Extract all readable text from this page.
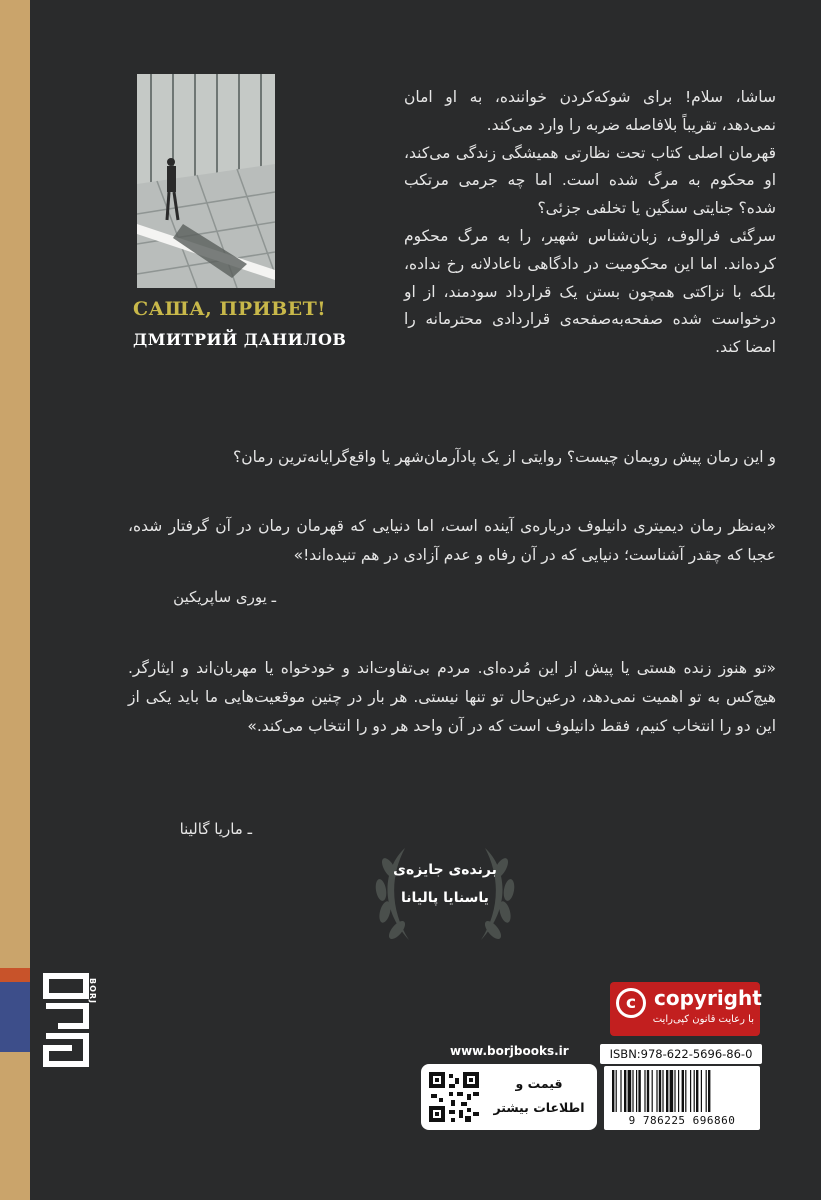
САША, ПРИВЕТ!
ДМИТРИЙ ДАНИЛОВ

ساشا، سلام! برای شوکه‌کردن خواننده، به او امان نمی‌دهد، تقریباً بلافاصله ضربه را وارد می‌کند.

قهرمان اصلی کتاب تحت نظارتی همیشگی زندگی می‌کند، او محکوم به مرگ شده است. اما چه جرمی مرتکب شده؟ جنایتی سنگین یا تخلفی جزئی؟

سرگئی فرالوف، زبان‌شناس شهیر، را به مرگ محکوم کرده‌اند. اما این محکومیت در دادگاهی ناعادلانه رخ نداده، بلکه با نزاکتی همچون بستن یک قرارداد سودمند، از او درخواست شده صفحه‌به‌صفحه‌ی قراردادی محترمانه را امضا کند.

و این رمان پیش رویمان چیست؟ روایتی از یک پادآرمان‌شهر یا واقع‌گرایانه‌ترین رمان؟
«به‌نظر رمان دیمیتری دانیلوف درباره‌ی آینده است، اما دنیایی که قهرمان رمان در آن گرفتار شده، عجبا که چقدر آشناست؛ دنیایی که در آن رفاه و عدم آزادی در هم تنیده‌اند!»
ـ یوری ساپریکین
«تو هنوز زنده هستی یا پیش از این مُرده‌ای. مردم بی‌تفاوت‌اند و خودخواه یا مهربان‌اند و ایثارگر. هیچ‌کس به تو اهمیت نمی‌دهد، درعین‌حال تو تنها نیستی. هر بار در چنین موقعیت‌هایی ما باید یکی از این دو را انتخاب کنیم، فقط دانیلوف است که در آن واحد هر دو را انتخاب می‌کند.»
ـ ماریا گالینا
برنده‌ی جایزه‌ی
یاسنایا پالیانا
BORJ	c copyright
با رعایت قانون کپی‌رایت
www.borjbooks.ir	ISBN:978-622-5696-86-0
قیمت و
اطلاعات بیشتر
9 786225 696860
